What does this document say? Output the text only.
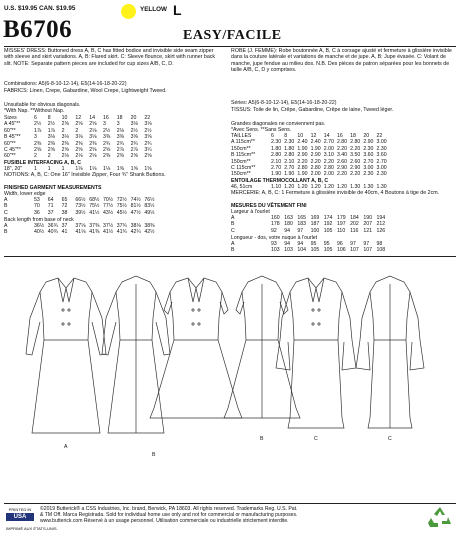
U.S. $19.95 CAN. $19.95	YELLOW L
B6706	EASY/FACILE
MISSES' DRESS: Buttoned dress A, B, C has fitted bodice and invisible side seam zipper with sleeve and skirt variations. A, B: Flared skirt. C: Sleeve flounce, skirt with runner back slit. NOTE: Separate pattern pieces are included for cup sizes A/B, C, D.
Combinations: A5(6-8-10-12-14), E5(14-16-18-20-22)
FABRICS: Linen, Crepe, Gabardine, Wool Crepe, Lightweight Tweed.
Unsuitable for obvious diagonals.
*With Nap. **Without Nap.
Sizes	6	8	10	12	14	16	18	20	22
A 45"**	2½	2½	2⅝	2⅝	2⅝	3	3	3⅛	3⅛
60"**	1⅞	1⅞	2	2	2⅛	2½	2⅛	2½	2½
B 45"**	3	3⅛	3⅛	3⅛	3⅛	3⅜	3⅜	3⅝	3⅝
60"**	2⅜	2⅜	2⅜	2⅜	2⅜	2¾	2¾	2¾	2¾
C 45"**	2⅝	2⅝	2⅝	2⅝	2⅝	2⅝	2⅞	2⅞	3¼
60"**	2	2	2⅛	2⅛	2⅛	2⅜	2⅜	2⅝	2⅝
FUSIBLE INTERFACING A, B, C
18", 20"	1	1	1	1⅛	1⅛	1⅛	1⅝	1⅝	1⅝
NOTIONS: A, B, C: One 16" Invisible Zipper, Four ¾" Shank Buttons.
FINISHED GARMENT MEASUREMENTS
Width, lower edge
A	53	64	65	66½	68½	70½	72½	74½	76½
B	70	71	72	73½	75½	77½	75½	81½	83½
C	36	37	38	39½	41½	43½	45½	47½	49½
Back length from base of neck
A	36½	36¾	37	37⅛	37⅜	37½	37¾	38⅛	38⅜
B	40½	40¾	41	41⅛	41⅜	41½	41¾	42¼	42½
ROBE (J. FEMME): Robe boutonnée A, B, C à corsage ajusté et fermeture à glissière invisible dans la couture latérale et variations de manche et de jupe. A, B: Jupe évasée. C: Volant de manche, jupe fendue au milieu dos. N.B. Des pièces de patron séparées pour les bonnets de taille A/B, C, D y comprises.
Séries: A5(6-8-10-12-14), E5(14-16-18-20-22)
TISSUS: Toile de lin, Crêpe, Gabardine, Crêpe de laine, Tweed léger.
Grandes diagonales ne conviennent pas.
*Avec Sens. **Sans Sens.
TAILLES	6	8	10	12	14	16	18	20	22
A 115cm**	2.30	2.30	2.40	2.40	2.70	2.80	2.80	2.90	3.00
150cm**	1.80	1.80	1.90	1.90	2.00	2.20	2.20	2.30	2.30
B 115cm**	2.80	2.80	2.90	2.90	3.10	3.40	3.50	3.60	3.60
150cm**	2.10	2.10	2.20	2.20	2.20	2.60	2.60	2.70	2.70
C 115cm**	2.70	2.70	2.80	2.80	2.80	2.90	2.90	3.00	3.00
150cm**	1.90	1.90	1.90	2.00	2.00	2.20	2.20	2.30	2.30
ENTOILAGE THERMOCOLLANT A, B, C
46, 51cm	1.10	1.20	1.20	1.20	1.20	1.20	1.30	1.30	1.30
MERCERIE: A, B, C: 1 Fermeture à glissière invisible de 40cm, 4 Boutons à tige de 2cm.
MESURES DU VÊTEMENT FINI
Largeur à l'ourlet
A	160	163	165	169	174	179	184	190	194
B	178	180	183	187	192	197	202	207	212
C	92	94	97	100	105	110	116	121	126
Longueur - dos, votre nuque à l'ourlet
A	93	94	94	95	95	96	97	97	98
B	103	103	104	105	105	106	107	107	108
A
B
B	C	C
PRINTED IN
USA
©2019 Butterick® a CSS Industries, Inc. brand, Berwick, PA 18603. All rights reserved. Trademarks Reg. U.S. Pat.
& TM Off. Marca Registrada. Sold for individual home use only and not for commercial or manufacturing purposes.
www.butterick.com Réservé à un usage personnel. Utilisation commerciale ou industrielle strictement interdite.
IMPRIMÉ AUX ÉTATS-UNIS.
